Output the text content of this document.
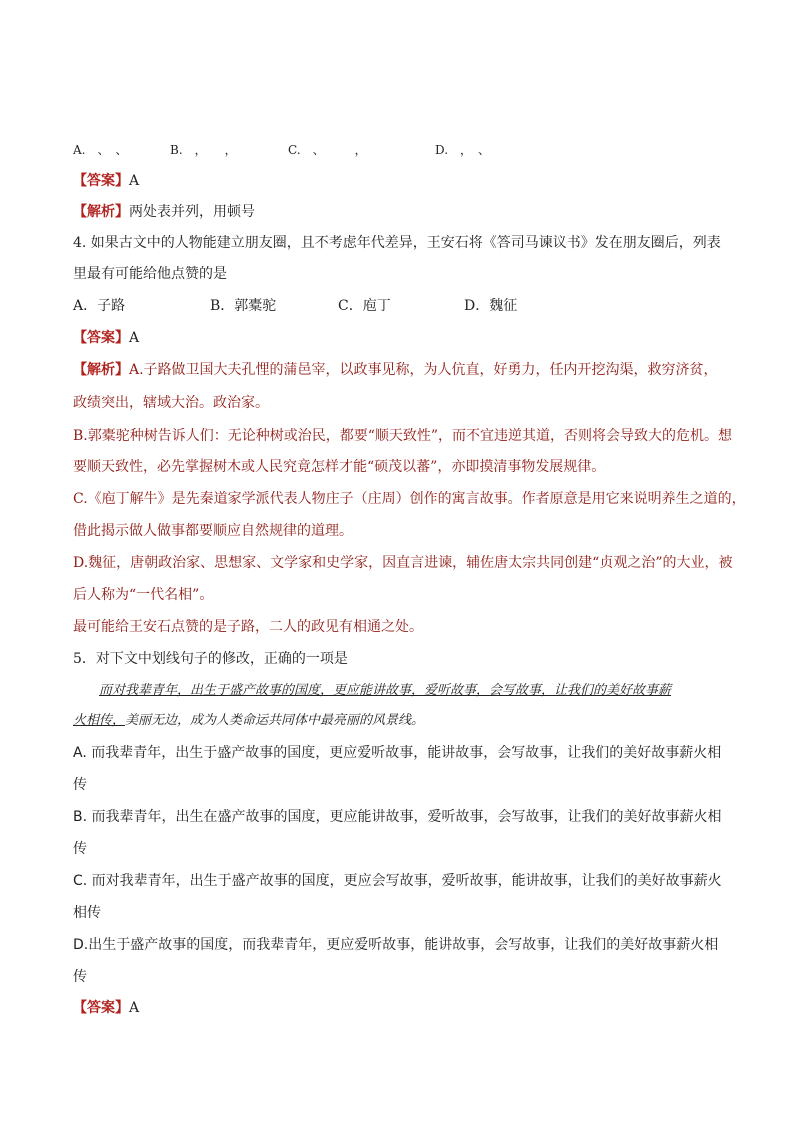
A.　、　、	B.　，　　，	C.　、　　　，	D.　，　、
【答案】A
【解析】两处表并列，用顿号
4. 如果古文中的人物能建立朋友圈，且不考虑年代差异，王安石将《答司马谏议书》发在朋友圈后，列表
里最有可能给他点赞的是
A．子路	B．郭橐驼	C．庖丁	D．魏征
【答案】A
【解析】A.子路做卫国大夫孔悝的蒲邑宰，以政事见称，为人伉直，好勇力，任内开挖沟渠，救穷济贫，
政绩突出，辖域大治。政治家。
B.郭橐驼种树告诉人们：无论种树或治民，都要“顺天致性”，而不宜违逆其道，否则将会导致大的危机。想
要顺天致性，必先掌握树木或人民究竟怎样才能“硕茂以蕃”，亦即摸清事物发展规律。
C.《庖丁解牛》是先秦道家学派代表人物庄子（庄周）创作的寓言故事。作者原意是用它来说明养生之道的，
借此揭示做人做事都要顺应自然规律的道理。
D.魏征，唐朝政治家、思想家、文学家和史学家，因直言进谏，辅佐唐太宗共同创建“贞观之治”的大业，被
后人称为“一代名相”。
最可能给王安石点赞的是子路，二人的政见有相通之处。
5．对下文中划线句子的修改，正确的一项是
而对我辈青年，出生于盛产故事的国度，更应能讲故事，爱听故事，会写故事，让我们的美好故事薪
火相传，美丽无边，成为人类命运共同体中最亮丽的风景线。
A. 而我辈青年，出生于盛产故事的国度，更应爱听故事，能讲故事，会写故事，让我们的美好故事薪火相
传
B. 而我辈青年，出生在盛产故事的国度，更应能讲故事，爱听故事，会写故事，让我们的美好故事薪火相
传
C. 而对我辈青年，出生于盛产故事的国度，更应会写故事，爱听故事，能讲故事，让我们的美好故事薪火
相传
D.出生于盛产故事的国度，而我辈青年，更应爱听故事，能讲故事，会写故事，让我们的美好故事薪火相
传
【答案】A
